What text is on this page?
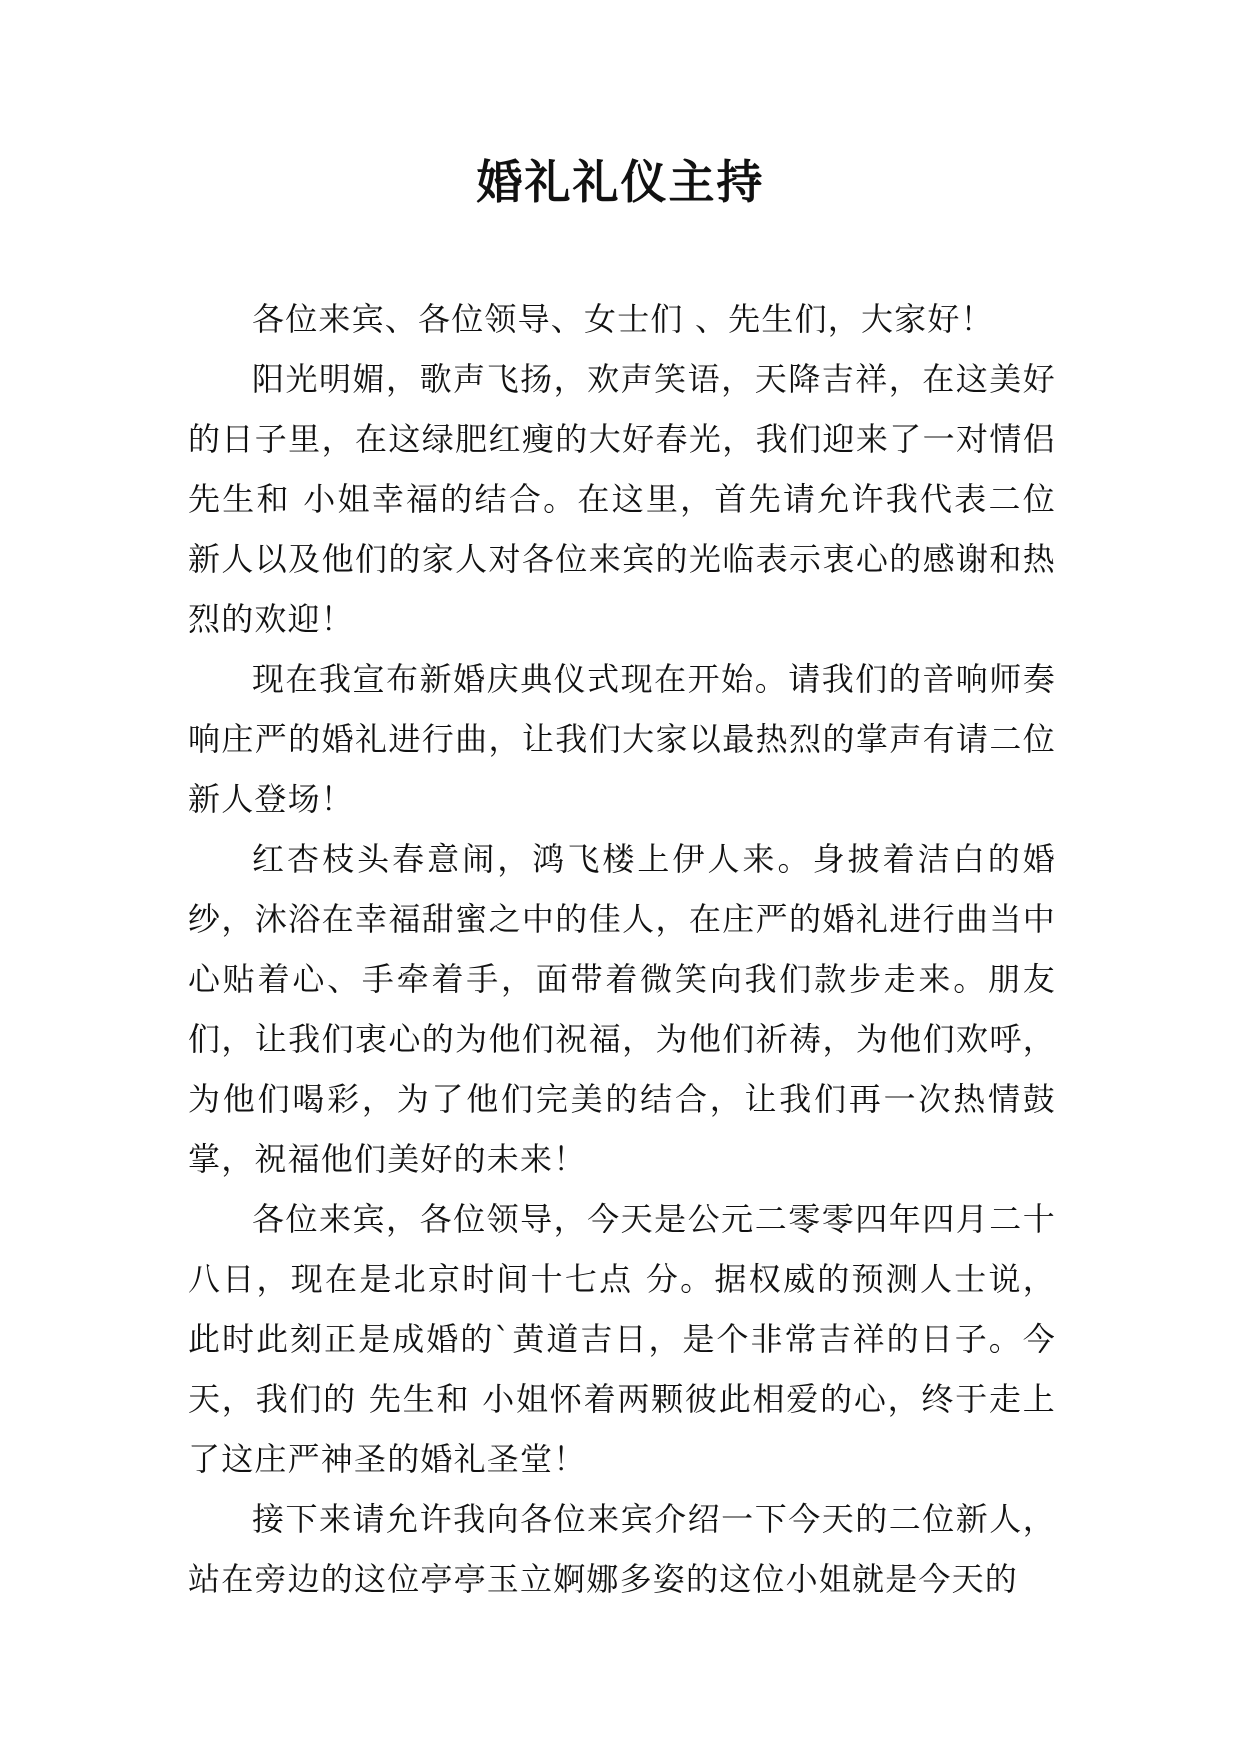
婚礼礼仪主持

各位来宾、各位领导、女士们 、先生们，大家好！

阳光明媚，歌声飞扬，欢声笑语，天降吉祥，在这美好的日子里，在这绿肥红瘦的大好春光，我们迎来了一对情侣 先生和 小姐幸福的结合。在这里，首先请允许我代表二位新人以及他们的家人对各位来宾的光临表示衷心的感谢和热烈的欢迎！

现在我宣布新婚庆典仪式现在开始。请我们的音响师奏响庄严的婚礼进行曲，让我们大家以最热烈的掌声有请二位新人登场！

红杏枝头春意闹，鸿飞楼上伊人来。身披着洁白的婚纱，沐浴在幸福甜蜜之中的佳人，在庄严的婚礼进行曲当中心贴着心、手牵着手，面带着微笑向我们款步走来。朋友们，让我们衷心的为他们祝福，为他们祈祷，为他们欢呼，为他们喝彩，为了他们完美的结合，让我们再一次热情鼓掌，祝福他们美好的未来！

各位来宾，各位领导，今天是公元二零零四年四月二十八日，现在是北京时间十七点 分。据权威的预测人士说，此时此刻正是成婚的`黄道吉日，是个非常吉祥的日子。今天，我们的 先生和 小姐怀着两颗彼此相爱的心，终于走上了这庄严神圣的婚礼圣堂！

接下来请允许我向各位来宾介绍一下今天的二位新人，站在旁边的这位亭亭玉立婀娜多姿的这位小姐就是今天的
